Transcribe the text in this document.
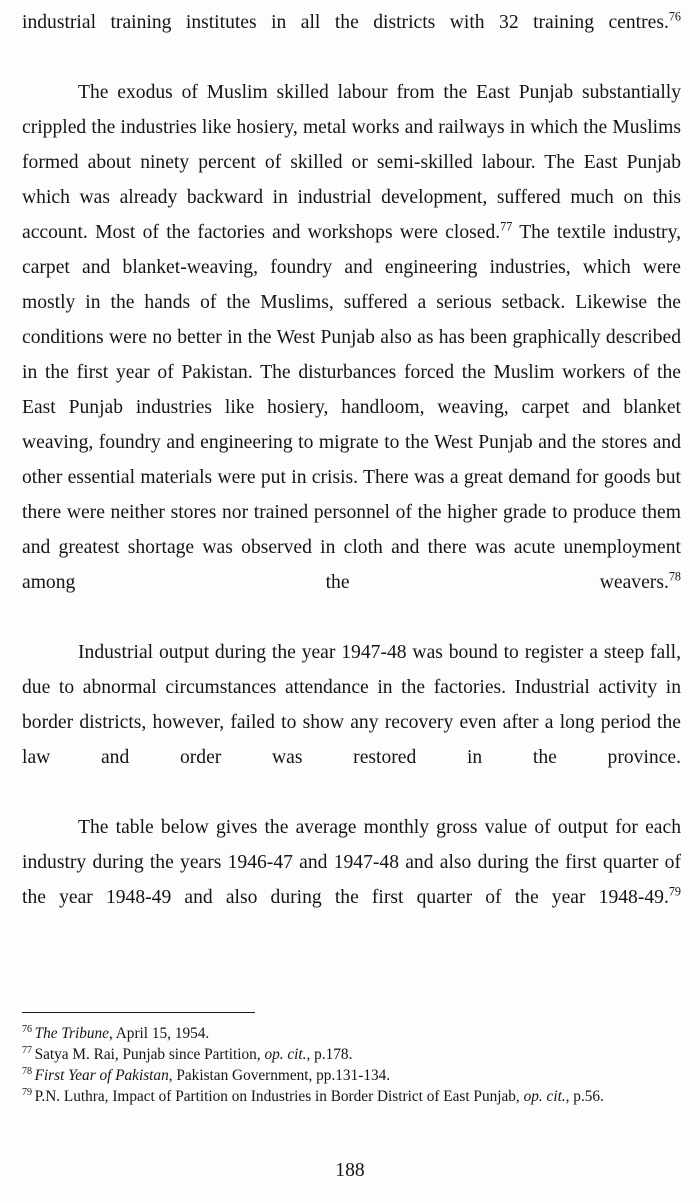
industrial training institutes in all the districts with 32 training centres.$^{76}$

The exodus of Muslim skilled labour from the East Punjab substantially crippled the industries like hosiery, metal works and railways in which the Muslims formed about ninety percent of skilled or semi-skilled labour. The East Punjab which was already backward in industrial development, suffered much on this account. Most of the factories and workshops were closed.$^{77}$ The textile industry, carpet and blanket-weaving, foundry and engineering industries, which were mostly in the hands of the Muslims, suffered a serious setback. Likewise the conditions were no better in the West Punjab also as has been graphically described in the first year of Pakistan. The disturbances forced the Muslim workers of the East Punjab industries like hosiery, handloom, weaving, carpet and blanket weaving, foundry and engineering to migrate to the West Punjab and the stores and other essential materials were put in crisis. There was a great demand for goods but there were neither stores nor trained personnel of the higher grade to produce them and greatest shortage was observed in cloth and there was acute unemployment among the weavers.$^{78}$

Industrial output during the year 1947-48 was bound to register a steep fall, due to abnormal circumstances attendance in the factories. Industrial activity in border districts, however, failed to show any recovery even after a long period the law and order was restored in the province.

The table below gives the average monthly gross value of output for each industry during the years 1946-47 and 1947-48 and also during the first quarter of the year 1948-49 and also during the first quarter of the year 1948-49.79

$^{76}$ The Tribune, April 15, 1954.

$^{77}$ Satya M. Rai, Punjab since Partition, op. cit., p.178.

$^{78}$ First Year of Pakistan, Pakistan Government, pp.131-134.

$^{79}$ P.N. Luthra, Impact of Partition on Industries in Border District of East Punjab, op. cit., p.56.

188
